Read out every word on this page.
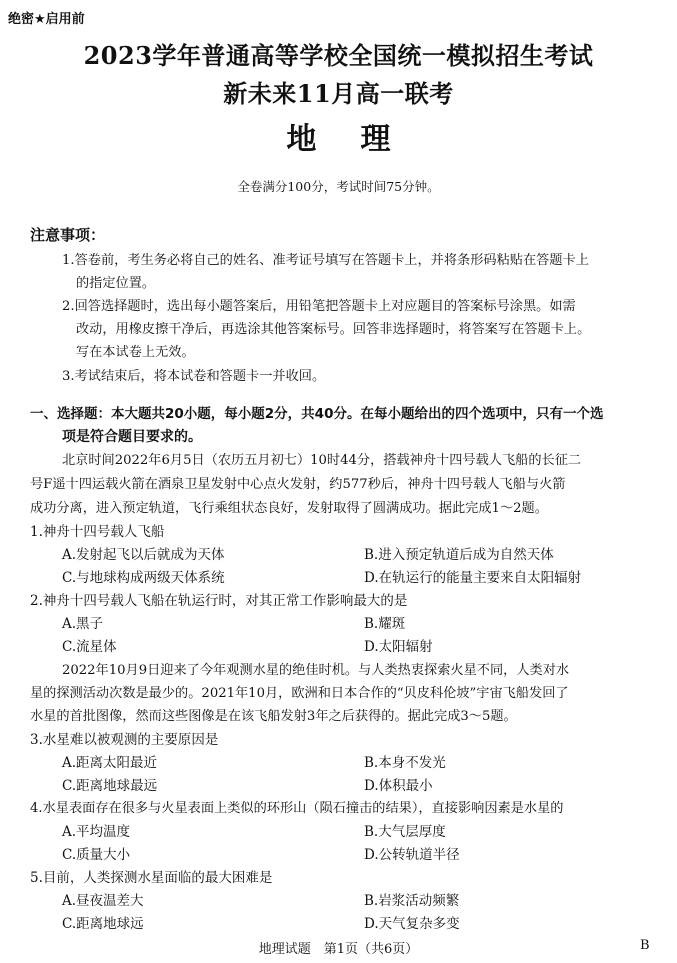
绝密★启用前
2023学年普通高等学校全国统一模拟招生考试
新未来11月高一联考
地理
全卷满分100分，考试时间75分钟。
注意事项：
1.答卷前，考生务必将自己的姓名、准考证号填写在答题卡上，并将条形码粘贴在答题卡上
的指定位置。
2.回答选择题时，选出每小题答案后，用铅笔把答题卡上对应题目的答案标号涂黑。如需
改动，用橡皮擦干净后，再选涂其他答案标号。回答非选择题时，将答案写在答题卡上。
写在本试卷上无效。
3.考试结束后，将本试卷和答题卡一并收回。
一、选择题：本大题共20小题，每小题2分，共40分。在每小题给出的四个选项中，只有一个选
项是符合题目要求的。
北京时间2022年6月5日（农历五月初七）10时44分，搭载神舟十四号载人飞船的长征二
号F遥十四运载火箭在酒泉卫星发射中心点火发射，约577秒后，神舟十四号载人飞船与火箭
成功分离，进入预定轨道，飞行乘组状态良好，发射取得了圆满成功。据此完成1～2题。
1.神舟十四号载人飞船
A.发射起飞以后就成为天体	B.进入预定轨道后成为自然天体
C.与地球构成两级天体系统	D.在轨运行的能量主要来自太阳辐射
2.神舟十四号载人飞船在轨运行时，对其正常工作影响最大的是
A.黑子	B.耀斑
C.流星体	D.太阳辐射
2022年10月9日迎来了今年观测水星的绝佳时机。与人类热衷探索火星不同，人类对水
星的探测活动次数是最少的。2021年10月，欧洲和日本合作的“贝皮科伦坡”宇宙飞船发回了
水星的首批图像，然而这些图像是在该飞船发射3年之后获得的。据此完成3～5题。
3.水星难以被观测的主要原因是
A.距离太阳最近	B.本身不发光
C.距离地球最远	D.体积最小
4.水星表面存在很多与火星表面上类似的环形山（陨石撞击的结果），直接影响因素是水星的
A.平均温度	B.大气层厚度
C.质量大小	D.公转轨道半径
5.目前，人类探测水星面临的最大困难是
A.昼夜温差大	B.岩浆活动频繁
C.距离地球远	D.天气复杂多变
地理试题　第1页（共6页）	B
